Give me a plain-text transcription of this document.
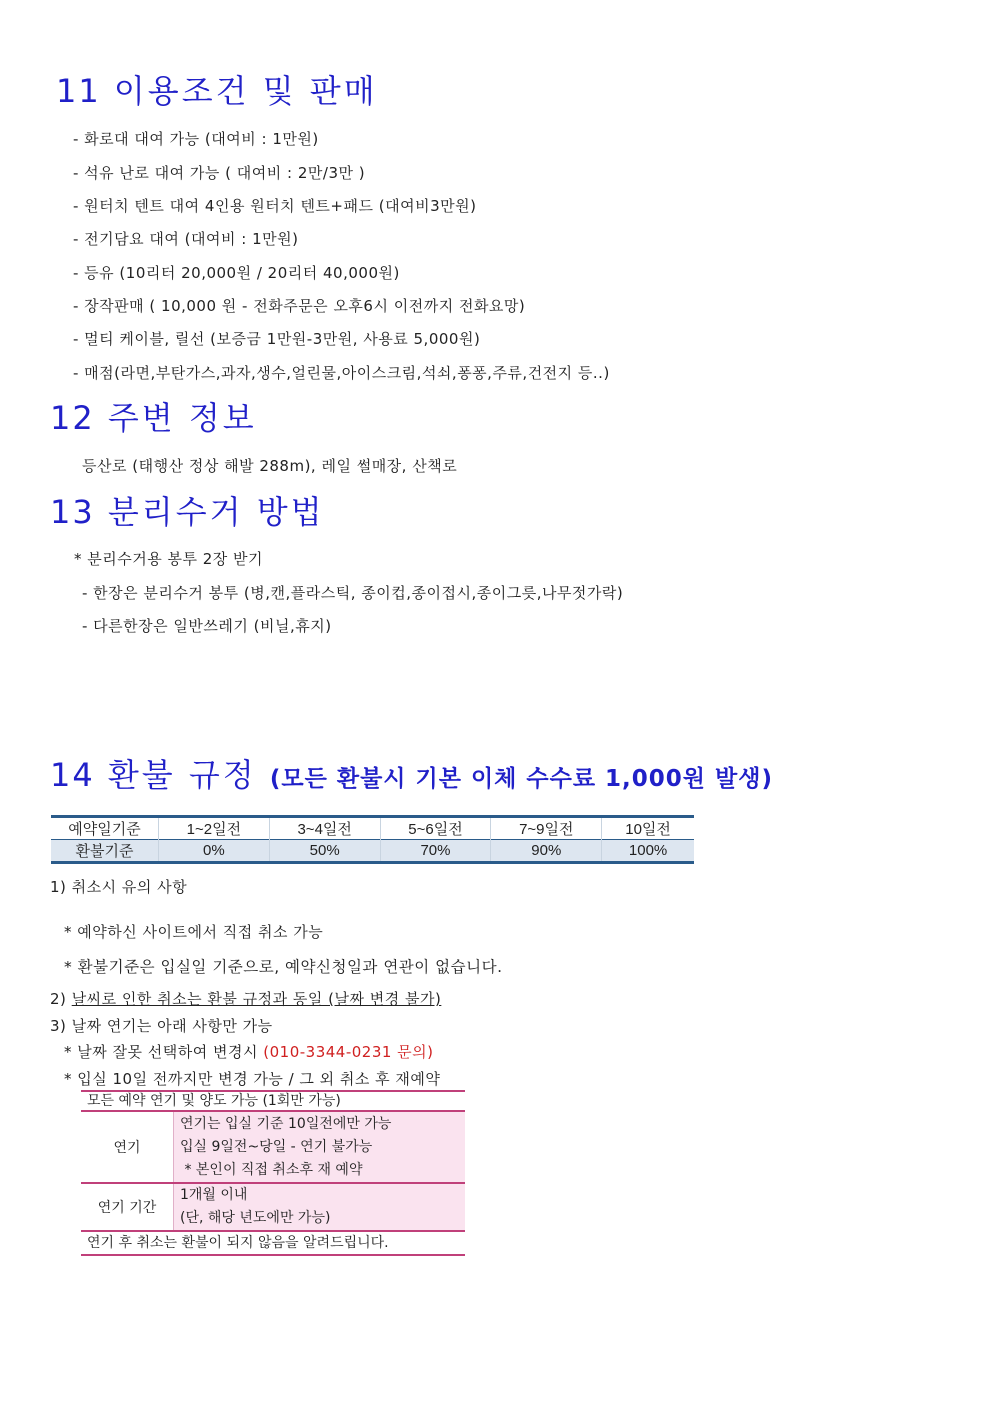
11 이용조건 및 판매
- 화로대 대여 가능 (대여비 : 1만원)
- 석유 난로 대여 가능 ( 대여비 : 2만/3만 )
- 원터치 텐트 대여 4인용 원터치 텐트+패드 (대여비3만원)
- 전기담요 대여 (대여비 : 1만원)
- 등유 (10리터 20,000원 / 20리터 40,000원)
- 장작판매 ( 10,000 원 - 전화주문은 오후6시 이전까지 전화요망)
- 멀티 케이블, 릴선 (보증금 1만원-3만원, 사용료 5,000원)
- 매점(라면,부탄가스,과자,생수,얼린물,아이스크림,석쇠,퐁퐁,주류,건전지 등..)
12 주변 정보
등산로 (태행산 정상 해발 288m), 레일 썰매장, 산책로
13 분리수거 방법
* 분리수거용 봉투 2장 받기
- 한장은 분리수거 봉투 (병,캔,플라스틱, 종이컵,종이접시,종이그릇,나무젓가락)
- 다른한장은 일반쓰레기 (비닐,휴지)
14 환불 규정 (모든 환불시 기본 이체 수수료 1,000원 발생)
예약일기준	1~2일전	3~4일전	5~6일전	7~9일전	10일전
환불기준	0%	50%	70%	90%	100%
1) 취소시 유의 사항
* 예약하신 사이트에서 직접 취소 가능
* 환불기준은 입실일 기준으로, 예약신청일과 연관이 없습니다.
2) 날씨로 인한 취소는 환불 규정과 동일 (날짜 변경 불가)
3) 날짜 연기는 아래 사항만 가능
* 날짜 잘못 선택하여 변경시 (010-3344-0231 문의)
* 입실 10일 전까지만 변경 가능 / 그 외 취소 후 재예약
모든 예약 연기 및 양도 가능 (1회만 가능)	
연기	연기는 입실 기준 10일전에만 가능
입실 9일전~당일 - 연기 불가능
* 본인이 직접 취소후 재 예약

연기 기간	1개월 이내
(단, 해당 년도에만 가능)

연기 후 취소는 환불이 되지 않음을 알려드립니다.	
